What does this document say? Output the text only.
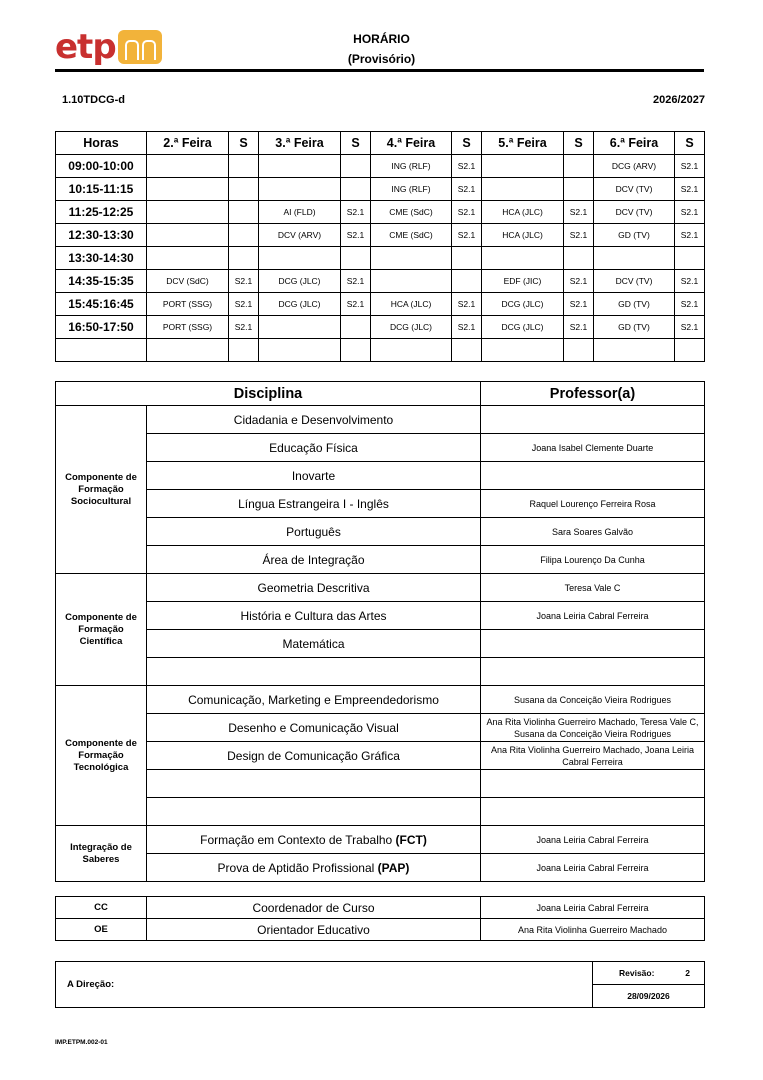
etp	HORÁRIO
(Provisório)
1.10TDCG-d	2026/2027
Horas	2.ª Feira	S	3.ª Feira	S	4.ª Feira	S	5.ª Feira	S	6.ª Feira	S
09:00-10:00					ING (RLF)	S2.1			DCG (ARV)	S2.1
10:15-11:15					ING (RLF)	S2.1			DCV (TV)	S2.1
11:25-12:25			AI (FLD)	S2.1	CME (SdC)	S2.1	HCA (JLC)	S2.1	DCV (TV)	S2.1
12:30-13:30			DCV (ARV)	S2.1	CME (SdC)	S2.1	HCA (JLC)	S2.1	GD (TV)	S2.1
13:30-14:30										
14:35-15:35	DCV (SdC)	S2.1	DCG (JLC)	S2.1			EDF (JIC)	S2.1	DCV (TV)	S2.1
15:45:16:45	PORT (SSG)	S2.1	DCG (JLC)	S2.1	HCA (JLC)	S2.1	DCG (JLC)	S2.1	GD (TV)	S2.1
16:50-17:50	PORT (SSG)	S2.1			DCG (JLC)	S2.1	DCG (JLC)	S2.1	GD (TV)	S2.1

Disciplina		Professor(a)
Componente de Formação Sociocultural	Cidadania e Desenvolvimento	
	Educação Física	Joana Isabel Clemente Duarte
	Inovarte	
	Língua Estrangeira I - Inglês	Raquel Lourenço Ferreira Rosa
	Português	Sara Soares Galvão
	Área de Integração	Filipa Lourenço Da Cunha
Componente de Formação Científica	Geometria Descritiva	Teresa Vale C
	História e Cultura das Artes	Joana Leiria Cabral Ferreira
	Matemática	

Componente de Formação Tecnológica	Comunicação, Marketing e Empreendedorismo	Susana da Conceição Vieira Rodrigues
	Desenho e Comunicação Visual	Ana Rita Violinha Guerreiro Machado, Teresa Vale C, Susana da Conceição Vieira Rodrigues
	Design de Comunicação Gráfica	Ana Rita Violinha Guerreiro Machado, Joana Leiria Cabral Ferreira

Integração de Saberes	Formação em Contexto de Trabalho (FCT)	Joana Leiria Cabral Ferreira
	Prova de Aptidão Profissional (PAP)	Joana Leiria Cabral Ferreira
CC	Coordenador de Curso	Joana Leiria Cabral Ferreira
OE	Orientador Educativo	Ana Rita Violinha Guerreiro Machado
A Direção:	
Revisão:	2

28/09/2026
IMP.ETPM.002-01
